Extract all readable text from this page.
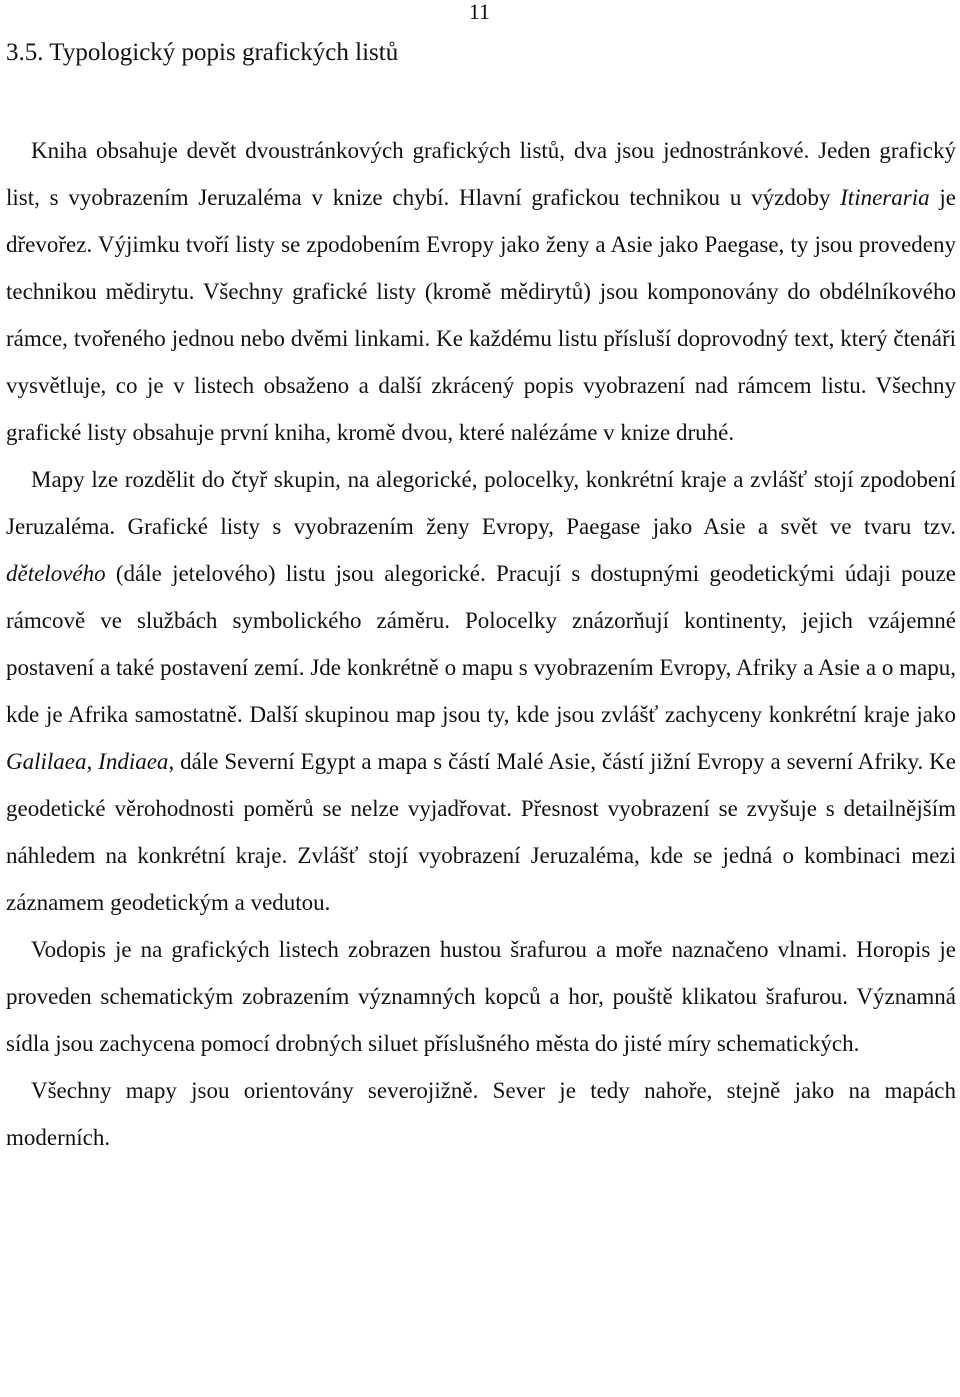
11
3.5. Typologický popis grafických listů

Kniha obsahuje devět dvoustránkových grafických listů, dva jsou jednostránkové. Jeden grafický list, s vyobrazením Jeruzaléma v knize chybí. Hlavní grafickou technikou u výzdoby Itineraria je dřevořez. Výjimku tvoří listy se zpodobením Evropy jako ženy a Asie jako Paegase, ty jsou provedeny technikou mědirytu. Všechny grafické listy (kromě mědirytů) jsou komponovány do obdélníkového rámce, tvořeného jednou nebo dvěmi linkami. Ke každému listu přísluší doprovodný text, který čtenáři vysvětluje, co je v listech obsaženo a další zkrácený popis vyobrazení nad rámcem listu. Všechny grafické listy obsahuje první kniha, kromě dvou, které nalézáme v knize druhé.

Mapy lze rozdělit do čtyř skupin, na alegorické, polocelky, konkrétní kraje a zvlášť stojí zpodobení Jeruzaléma. Grafické listy s vyobrazením ženy Evropy, Paegase jako Asie a svět ve tvaru tzv. dětelového (dále jetelového) listu jsou alegorické. Pracují s dostupnými geodetickými údaji pouze rámcově ve službách symbolického záměru. Polocelky znázorňují kontinenty, jejich vzájemné postavení a také postavení zemí. Jde konkrétně o mapu s vyobrazením Evropy, Afriky a Asie a o mapu, kde je Afrika samostatně. Další skupinou map jsou ty, kde jsou zvlášť zachyceny konkrétní kraje jako Galilaea, Indiaea, dále Severní Egypt a mapa s částí Malé Asie, částí jižní Evropy a severní Afriky. Ke geodetické věrohodnosti poměrů se nelze vyjadřovat. Přesnost vyobrazení se zvyšuje s detailnějším náhledem na konkrétní kraje. Zvlášť stojí vyobrazení Jeruzaléma, kde se jedná o kombinaci mezi záznamem geodetickým a vedutou.

Vodopis je na grafických listech zobrazen hustou šrafurou a moře naznačeno vlnami. Horopis je proveden schematickým zobrazením významných kopců a hor, pouště klikatou šrafurou. Významná sídla jsou zachycena pomocí drobných siluet příslušného města do jisté míry schematických.

Všechny mapy jsou orientovány severojižně. Sever je tedy nahoře, stejně jako na mapách moderních.
